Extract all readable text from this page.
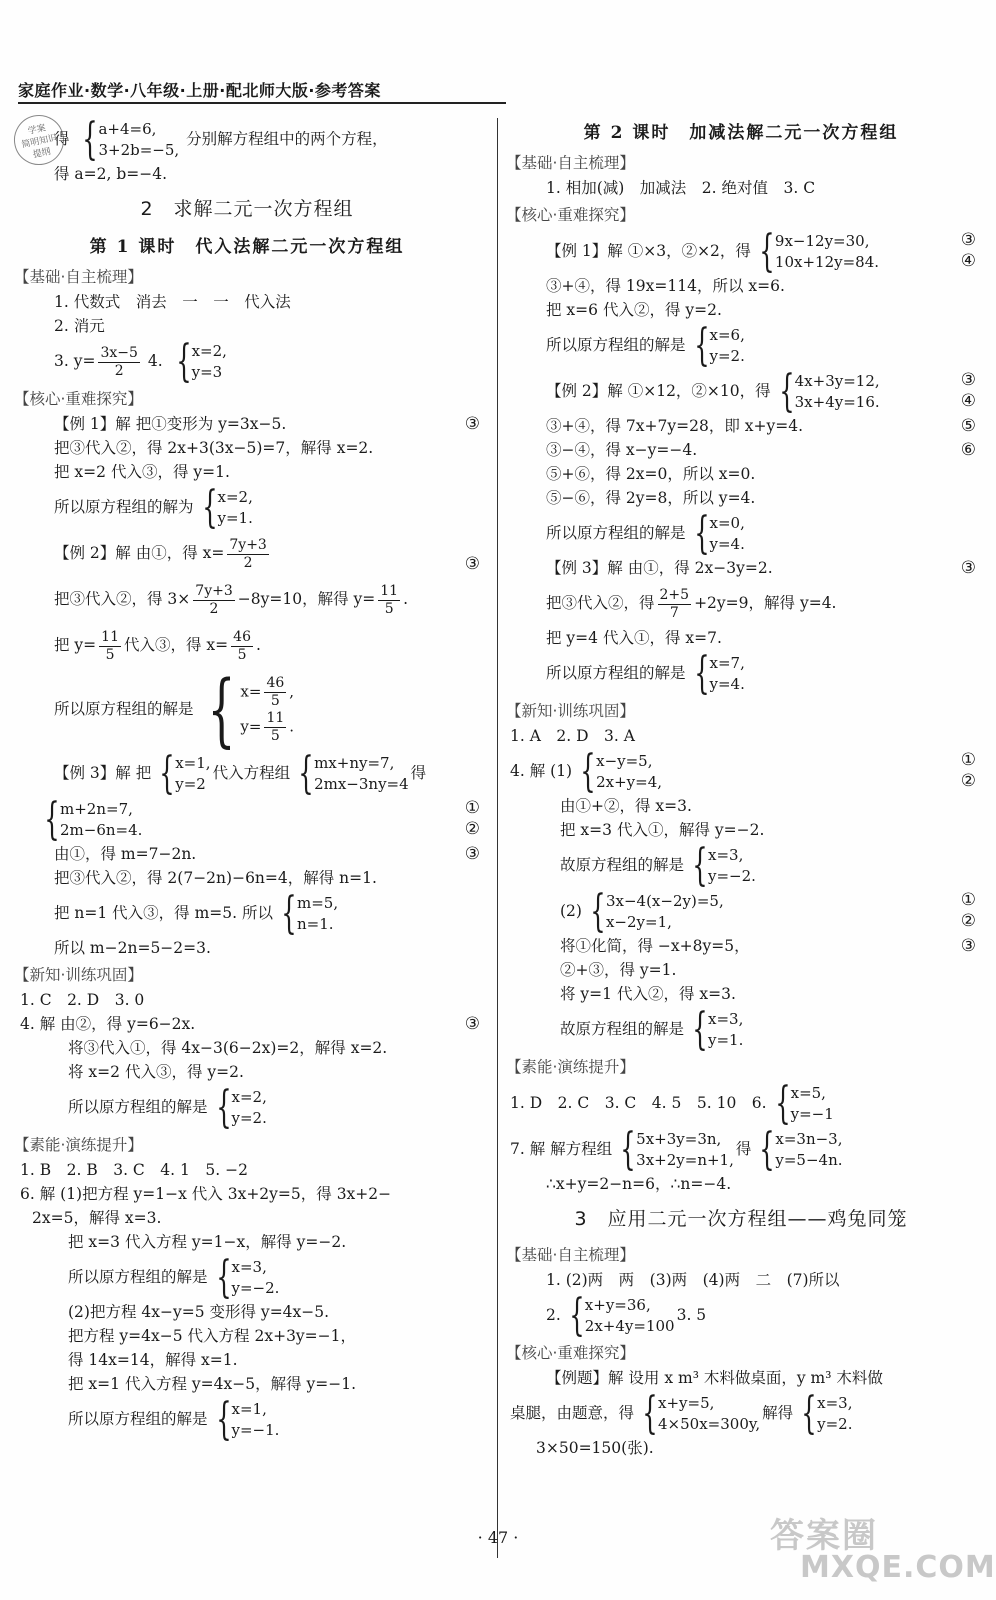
家庭作业·数学·八年级·上册·配北师大版·参考答案
学案
简明知识
提纲
得 { a+4=6,
3+2b=−5,
分别解方程组中的两个方程，
得 a=2, b=−4.
2　求解二元一次方程组
第 1 课时　代入法解二元一次方程组
【基础·自主梳理】
1. 代数式　消去　一　一　代入法
2. 消元
3. $y= \frac{3x-5}{2} 4$. { x=2,
y=3
【核心·重难探究】
【例 1】解 把①变形为 y=3x−5.	③
把③代入②，得 2x+3(3x−5)=7，解得 x=2.
把 x=2 代入③，得 y=1.
所以原方程组的解为 { x=2,
y=1.
【例 2】解 由①，得 $x= \frac{7y+3}{2}$	③
把③代入②，得 $3\times \frac{7y+3}{2} -8y=10$，解得 $y= \frac{11}{5}$ .
把 $y= \frac{11}{5}$ 代入③，得 $x= \frac{46}{5}$ .
所以原方程组的解是 { $x= \frac{46}{5}$ ,
$y= \frac{11}{5}$ .
【例 3】解 把 { x=1,
y=2
代入方程组 { mx+ny=7,
2mx−3ny=4
得
{ m+2n=7,
2m−6n=4.
①
②
由①，得 m=7−2n.	③
把③代入②，得 2(7−2n)−6n=4，解得 n=1.
把 n=1 代入③，得 m=5. 所以 { m=5,
n=1.
所以 m−2n=5−2=3.
【新知·训练巩固】
1. C　2. D　3. 0
4. 解 由②，得 y=6−2x.	③
将③代入①，得 4x−3(6−2x)=2，解得 x=2.
将 x=2 代入③，得 y=2.
所以原方程组的解是 { x=2,
y=2.
【素能·演练提升】
1. B　2. B　3. C　4. 1　5. −2
6. 解 (1)把方程 y=1−x 代入 3x+2y=5，得 3x+2−
2x=5，解得 x=3.
把 x=3 代入方程 y=1−x，解得 y=−2.
所以原方程组的解是 { x=3,
y=−2.
(2)把方程 4x−y=5 变形得 y=4x−5.
把方程 y=4x−5 代入方程 2x+3y=−1，
得 14x=14，解得 x=1.
把 x=1 代入方程 y=4x−5，解得 y=−1.
所以原方程组的解是 { x=1,
y=−1.
第 2 课时　加减法解二元一次方程组
【基础·自主梳理】
1. 相加(减)　加减法　2. 绝对值　3. C
【核心·重难探究】
【例 1】解 ①×3，②×2，得 { 9x−12y=30,
10x+12y=84.
③
④
③+④，得 19x=114，所以 x=6.
把 x=6 代入②，得 y=2.
所以原方程组的解是 { x=6,
y=2.
【例 2】解 ①×12，②×10，得 { 4x+3y=12,
3x+4y=16.
③
④
③+④，得 7x+7y=28，即 x+y=4.	⑤
③−④，得 x−y=−4.	⑥
⑤+⑥，得 2x=0，所以 x=0.
⑤−⑥，得 2y=8，所以 y=4.
所以原方程组的解是 { x=0,
y=4.
【例 3】解 由①，得 2x−3y=2.	③
把③代入②，得 $\frac{2+5}{7} +2y=9$，解得 y=4.
把 y=4 代入①，得 x=7.
所以原方程组的解是 { x=7,
y=4.
【新知·训练巩固】
1. A　2. D　3. A
4. 解 (1) { x−y=5,
2x+y=4,
①
②
由①+②，得 x=3.
把 x=3 代入①，解得 y=−2.
故原方程组的解是 { x=3,
y=−2.
(2) { 3x−4(x−2y)=5,
x−2y=1,
①
②
将①化简，得 −x+8y=5，	③
②+③，得 y=1.
将 y=1 代入②，得 x=3.
故原方程组的解是 { x=3,
y=1.
【素能·演练提升】
1. D　2. C　3. C　4. 5　5. 10　6. { x=5,
y=−1
7. 解 解方程组 { 5x+3y=3n,
3x+2y=n+1,
得 { x=3n−3,
y=5−4n.
∴x+y=2−n=6，∴n=−4.
3　应用二元一次方程组——鸡兔同笼
【基础·自主梳理】
1. (2)两　两　(3)两　(4)两　二　(7)所以
2. { x+y=36,
2x+4y=100
3. 5
【核心·重难探究】
【例题】解 设用 x m³ 木料做桌面，y m³ 木料做
桌腿，由题意，得 { x+y=5,
4×50x=300y,
解得 { x=3,
y=2.
3×50=150(张).
· 47 ·	答案圈
MXQE.COM
